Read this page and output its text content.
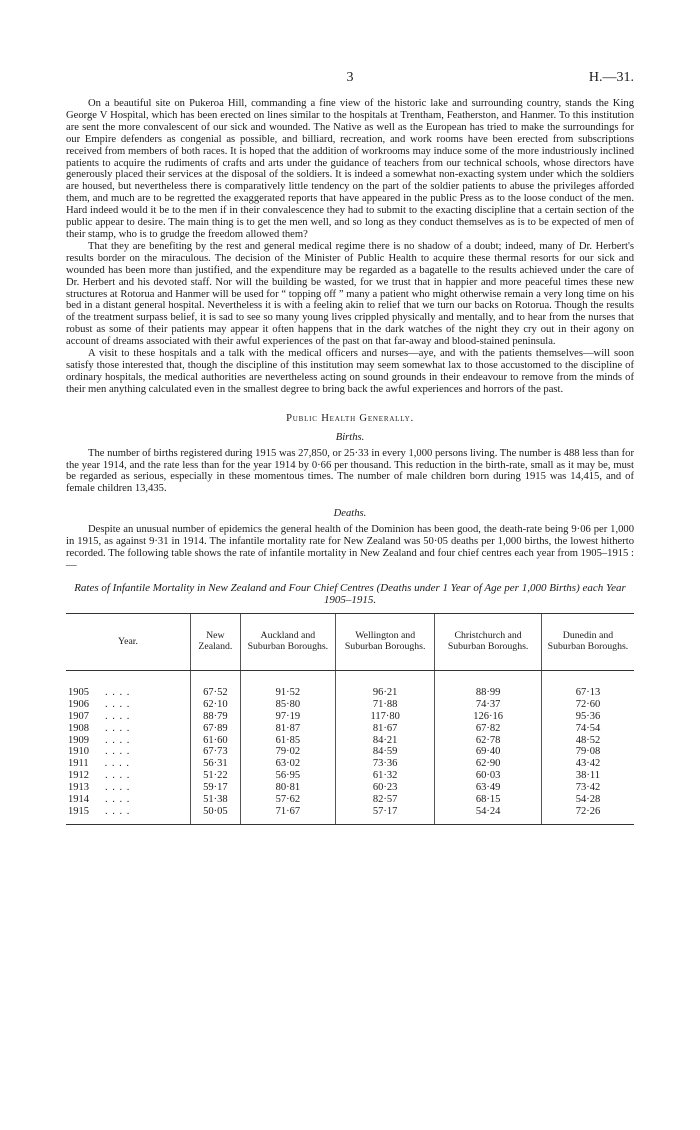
3	H.—31.

On a beautiful site on Pukeroa Hill, commanding a fine view of the historic lake and surrounding country, stands the King George V Hospital, which has been erected on lines similar to the hospitals at Trentham, Featherston, and Hanmer. To this institution are sent the more convalescent of our sick and wounded. The Native as well as the European has tried to make the surroundings for our Empire defenders as congenial as possible, and billiard, recreation, and work rooms have been erected from subscriptions received from members of both races. It is hoped that the addition of workrooms may induce some of the more industriously inclined patients to acquire the rudiments of crafts and arts under the guidance of teachers from our technical schools, whose directors have generously placed their services at the disposal of the soldiers. It is indeed a somewhat non-exacting system under which the soldiers are housed, but nevertheless there is comparatively little tendency on the part of the soldier patients to abuse the privileges afforded them, and much are to be regretted the exaggerated reports that have appeared in the public Press as to the loose conduct of the men. Hard indeed would it be to the men if in their convalescence they had to submit to the exacting discipline that a certain section of the public appear to desire. The main thing is to get the men well, and so long as they conduct themselves as is to be expected of men of their stamp, who is to grudge the freedom allowed them?

That they are benefiting by the rest and general medical regime there is no shadow of a doubt; indeed, many of Dr. Herbert's results border on the miraculous. The decision of the Minister of Public Health to acquire these thermal resorts for our sick and wounded has been more than justified, and the expenditure may be regarded as a bagatelle to the results achieved under the care of Dr. Herbert and his devoted staff. Nor will the building be wasted, for we trust that in happier and more peaceful times these new structures at Rotorua and Hanmer will be used for “ topping off ” many a patient who might otherwise remain a very long time on his bed in a distant general hospital. Nevertheless it is with a feeling akin to relief that we turn our backs on Rotorua. Though the results of the treatment surpass belief, it is sad to see so many young lives crippled physically and mentally, and to hear from the nurses that robust as some of their patients may appear it often happens that in the dark watches of the night they cry out in their agony on account of dreams associated with their awful experiences of the past on that far-away and blood-stained peninsula.

A visit to these hospitals and a talk with the medical officers and nurses—aye, and with the patients themselves—will soon satisfy those interested that, though the discipline of this institution may seem somewhat lax to those accustomed to the discipline of ordinary hospitals, the medical authorities are nevertheless acting on sound grounds in their endeavour to remove from the minds of their men anything calculated even in the smallest degree to bring back the awful experiences and horrors of the past.

Public Health Generally.
Births.

The number of births registered during 1915 was 27,850, or 25·33 in every 1,000 persons living. The number is 488 less than for the year 1914, and the rate less than for the year 1914 by 0·66 per thousand. This reduction in the birth-rate, small as it may be, must be regarded as serious, especially in these momentous times. The number of male children born during 1915 was 14,415, and of female children 13,435.

Deaths.

Despite an unusual number of epidemics the general health of the Dominion has been good, the death-rate being 9·06 per 1,000 in 1915, as against 9·31 in 1914. The infantile mortality rate for New Zealand was 50·05 deaths per 1,000 births, the lowest hitherto recorded. The following table shows the rate of infantile mortality in New Zealand and four chief centres each year from 1905–1915 :—

Rates of Infantile Mortality in New Zealand and Four Chief Centres (Deaths under 1 Year of Age per 1,000 Births) each Year 1905–1915.
Year.	New Zealand.	Auckland and Suburban Boroughs.	Wellington and Suburban Boroughs.	Christchurch and Suburban Boroughs.	Dunedin and Suburban Boroughs.
1905 . . . .	67·52	91·52	96·21	88·99	67·13
1906 . . . .	62·10	85·80	71·88	74·37	72·60
1907 . . . .	88·79	97·19	117·80	126·16	95·36
1908 . . . .	67·89	81·87	81·67	67·82	74·54
1909 . . . .	61·60	61·85	84·21	62·78	48·52
1910 . . . .	67·73	79·02	84·59	69·40	79·08
1911 . . . .	56·31	63·02	73·36	62·90	43·42
1912 . . . .	51·22	56·95	61·32	60·03	38·11
1913 . . . .	59·17	80·81	60·23	63·49	73·42
1914 . . . .	51·38	57·62	82·57	68·15	54·28
1915 . . . .	50·05	71·67	57·17	54·24	72·26
